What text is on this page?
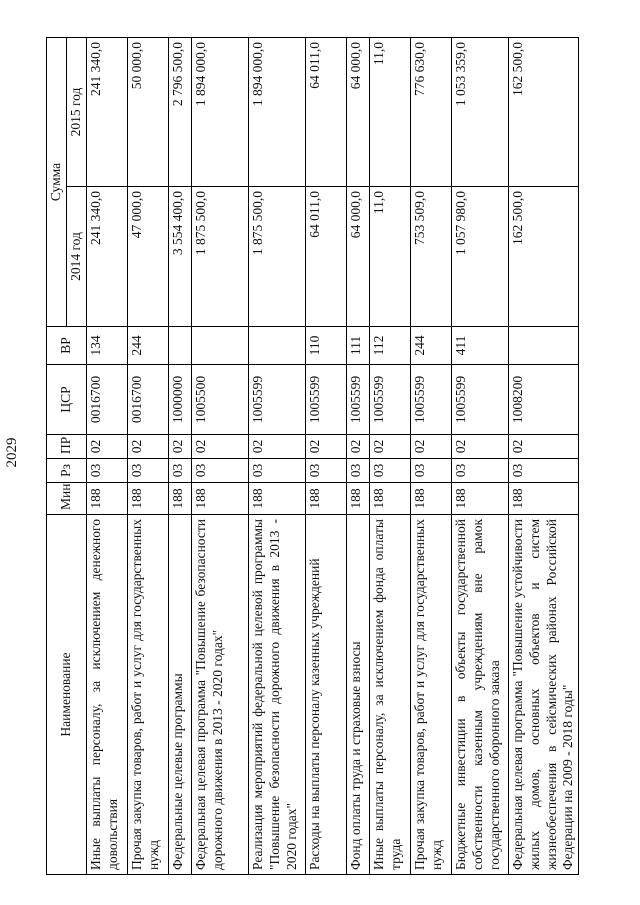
2029
Наименование	Мин	Рз	ПР	ЦСР	ВР	Сумма	
						2014 год	2015 год
Иные выплаты персоналу, за исключением денежного довольствия	188	03	02	0016700	134	241 340,0	241 340,0
Прочая закупка товаров, работ и услуг для государственных нужд	188	03	02	0016700	244	47 000,0	50 000,0
Федеральные целевые программы	188	03	02	1000000		3 554 400,0	2 796 500,0
Федеральная целевая программа "Повышение безопасности дорожного движения в 2013 - 2020 годах"	188	03	02	1005500		1 875 500,0	1 894 000,0
Реализация мероприятий федеральной целевой программы "Повышение безопасности дорожного движения в 2013 - 2020 годах"	188	03	02	1005599		1 875 500,0	1 894 000,0
Расходы на выплаты персоналу казенных учреждений	188	03	02	1005599	110	64 011,0	64 011,0
Фонд оплаты труда и страховые взносы	188	03	02	1005599	111	64 000,0	64 000,0
Иные выплаты персоналу, за исключением фонда оплаты труда	188	03	02	1005599	112	11,0	11,0
Прочая закупка товаров, работ и услуг для государственных нужд	188	03	02	1005599	244	753 509,0	776 630,0
Бюджетные инвестиции в объекты государственной собственности казенным учреждениям вне рамок государственного оборонного заказа	188	03	02	1005599	411	1 057 980,0	1 053 359,0
Федеральная целевая программа "Повышение устойчивости жилых домов, основных объектов и систем жизнеобеспечения в сейсмических районах Российской Федерации на 2009 - 2018 годы"	188	03	02	1008200		162 500,0	162 500,0
